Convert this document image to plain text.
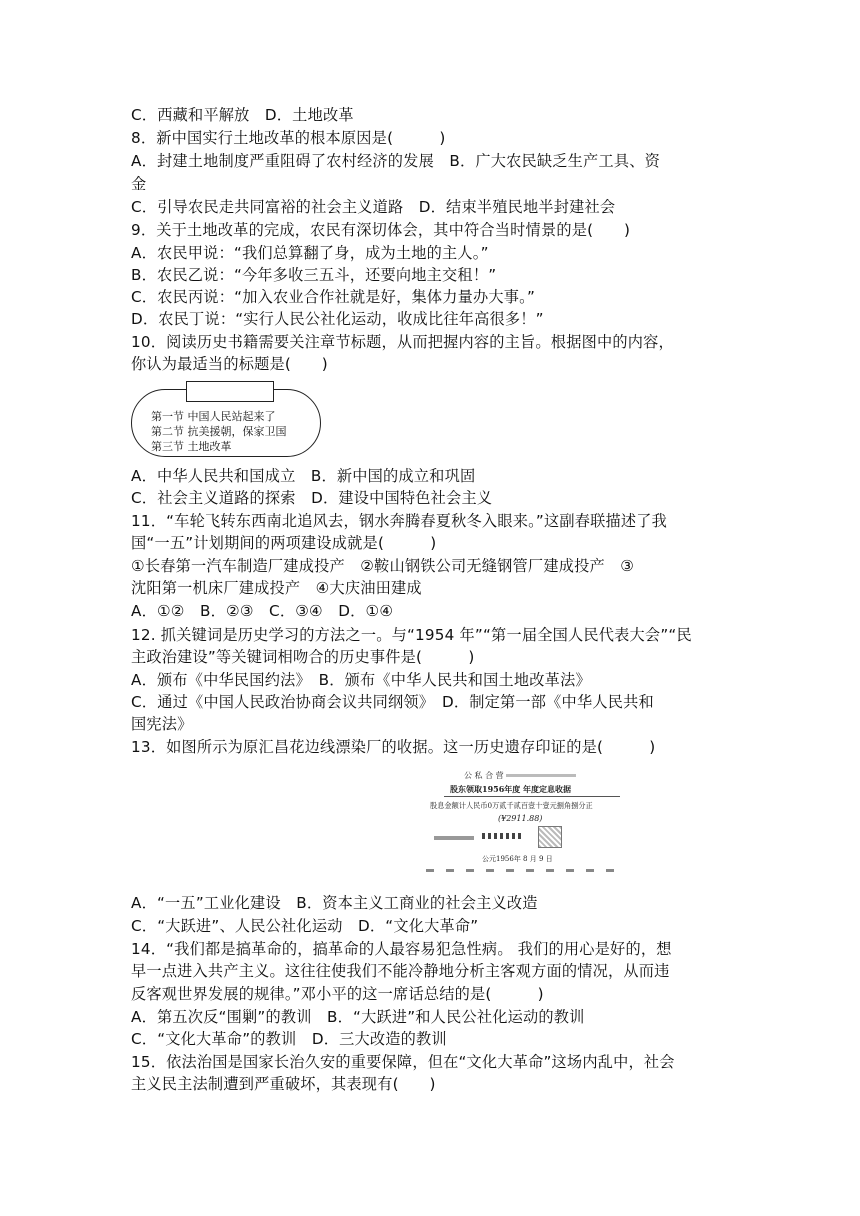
C．西藏和平解放　D．土地改革
8．新中国实行土地改革的根本原因是(　　　)
A．封建土地制度严重阻碍了农村经济的发展　B．广大农民缺乏生产工具、资
金
C．引导农民走共同富裕的社会主义道路　D．结束半殖民地半封建社会
9．关于土地改革的完成，农民有深切体会，其中符合当时情景的是(　　)
A．农民甲说：“我们总算翻了身，成为土地的主人。”
B．农民乙说：“今年多收三五斗，还要向地主交租！”
C．农民丙说：“加入农业合作社就是好，集体力量办大事。”
D．农民丁说：“实行人民公社化运动，收成比往年高很多！”
10．阅读历史书籍需要关注章节标题，从而把握内容的主旨。根据图中的内容，
你认为最适当的标题是(　　)
第一节 中国人民站起来了
第二节 抗美援朝，保家卫国
第三节 土地改革
A．中华人民共和国成立　B．新中国的成立和巩固
C．社会主义道路的探索　D．建设中国特色社会主义
11．“车轮飞转东西南北追风去，钢水奔腾春夏秋冬入眼来。”这副春联描述了我
国“一五”计划期间的两项建设成就是(　　　)
①长春第一汽车制造厂建成投产　②鞍山钢铁公司无缝钢管厂建成投产　③
沈阳第一机床厂建成投产　④大庆油田建成
A．①②　B．②③　C．③④　D．①④
12. 抓关键词是历史学习的方法之一。与“1954 年”“第一届全国人民代表大会”“民
主政治建设”等关键词相吻合的历史事件是(　　　)
A．颁布《中华民国约法》　B．颁布《中华人民共和国土地改革法》
C．通过《中国人民政治协商会议共同纲领》　D．制定第一部《中华人民共和
国宪法》
13．如图所示为原汇昌花边线漂染厂的收据。这一历史遗存印证的是(　　　)
公 私 合 营
股东领取1956年度 年度定息收据
股息金额计人民币0万贰千贰百壹十壹元捌角捌分正
(¥2911.88)
公元1956年 8 月 9 日
A．“一五”工业化建设　B．资本主义工商业的社会主义改造
C．“大跃进”、人民公社化运动　D．“文化大革命”
14．“我们都是搞革命的，搞革命的人最容易犯急性病。 我们的用心是好的，想
早一点进入共产主义。这往往使我们不能冷静地分析主客观方面的情况，从而违
反客观世界发展的规律。”邓小平的这一席话总结的是(　　　)
A．第五次反“围剿”的教训　B．“大跃进”和人民公社化运动的教训
C．“文化大革命”的教训　D．三大改造的教训
15．依法治国是国家长治久安的重要保障，但在“文化大革命”这场内乱中，社会
主义民主法制遭到严重破坏，其表现有(　　)
